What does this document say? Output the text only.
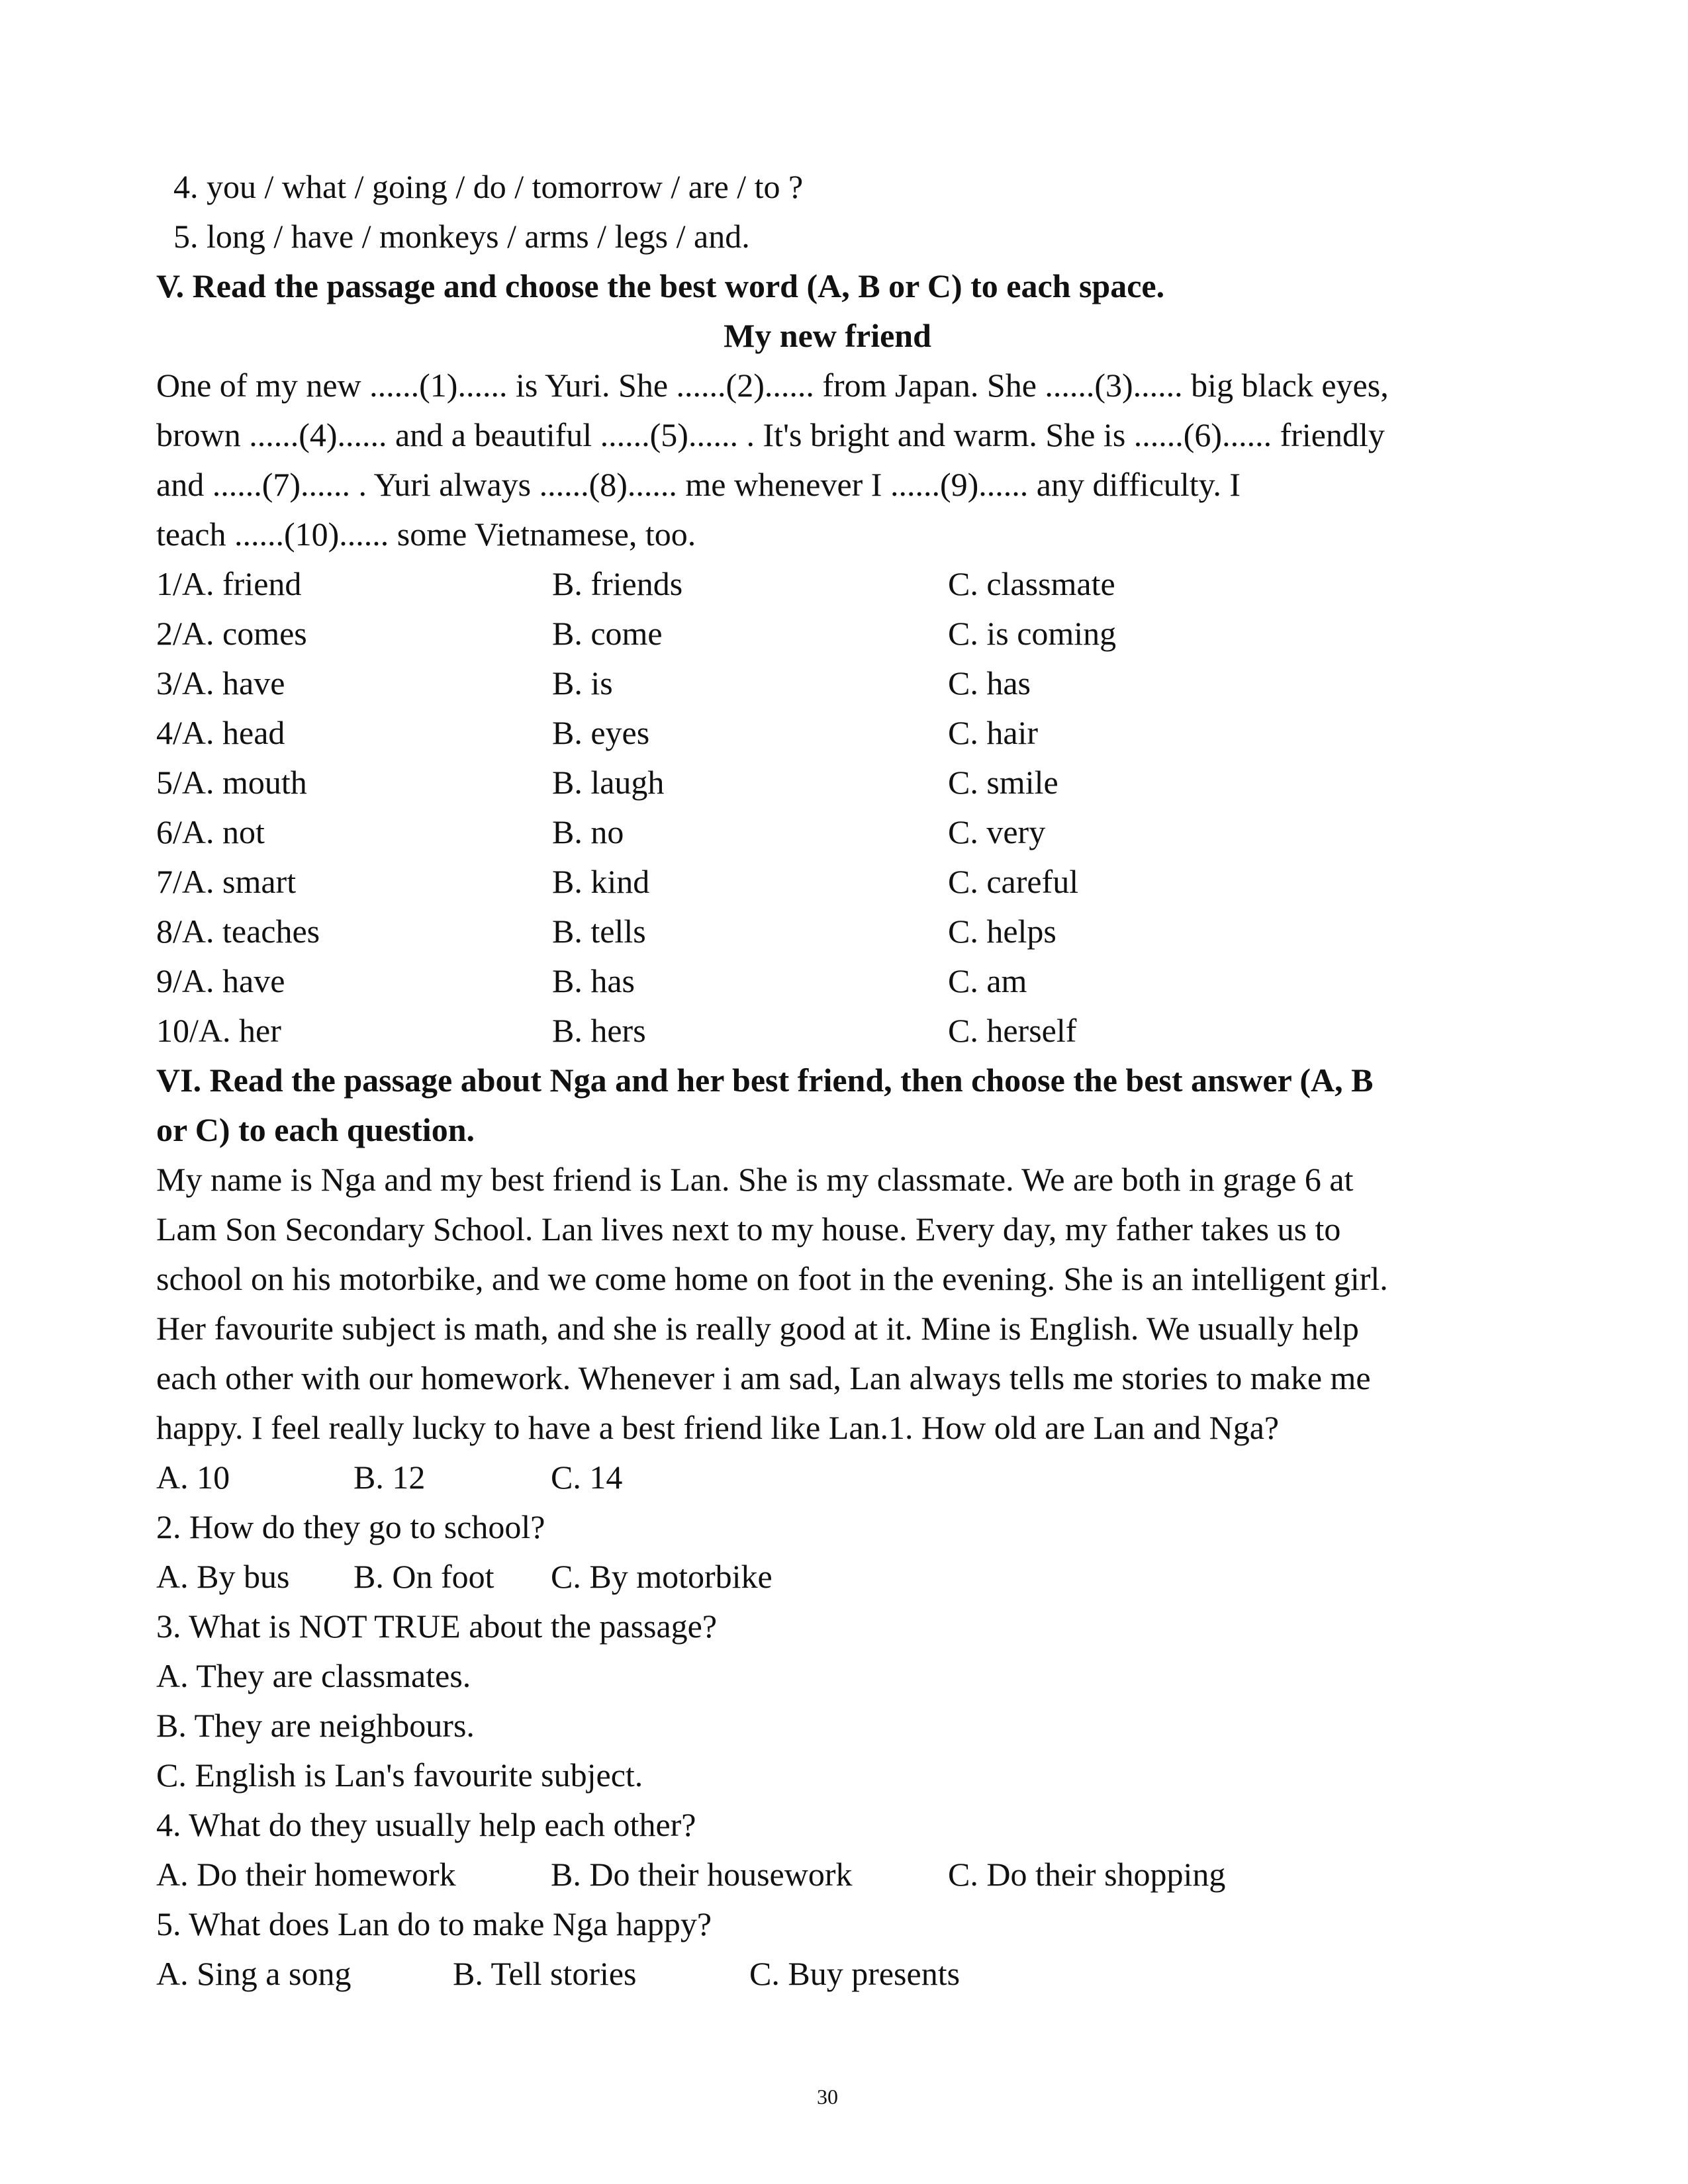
4. you / what / going / do / tomorrow / are / to ?
5. long / have / monkeys / arms / legs / and.
V. Read the passage and choose the best word (A, B or C) to each space.
My new friend
One of my new ......(1)...... is Yuri. She ......(2)...... from Japan. She ......(3)...... big black eyes,
brown ......(4)...... and a beautiful ......(5)...... . It's bright and warm. She is ......(6)...... friendly
and ......(7)...... . Yuri always ......(8)...... me whenever I ......(9)...... any difficulty. I
teach ......(10)...... some Vietnamese, too.
1/A. friend	B. friends	C. classmate
2/A. comes	B. come	C. is coming
3/A. have	B. is	C. has
4/A. head	B. eyes	C. hair
5/A. mouth	B. laugh	C. smile
6/A. not	B. no	C. very
7/A. smart	B. kind	C. careful
8/A. teaches	B. tells	C. helps
9/A. have	B. has	C. am
10/A. her	B. hers	C. herself
VI. Read the passage about Nga and her best friend, then choose the best answer (A, B
or C) to each question.
My name is Nga and my best friend is Lan. She is my classmate. We are both in grage 6 at
Lam Son Secondary School. Lan lives next to my house. Every day, my father takes us to
school on his motorbike, and we come home on foot in the evening. She is an intelligent girl.
Her favourite subject is math, and she is really good at it. Mine is English. We usually help
each other with our homework. Whenever i am sad, Lan always tells me stories to make me
happy. I feel really lucky to have a best friend like Lan.1. How old are Lan and Nga?
A. 10	B. 12	C. 14
2. How do they go to school?
A. By bus B. On foot C. By motorbike
3. What is NOT TRUE about the passage?
A. They are classmates.
B. They are neighbours.
C. English is Lan's favourite subject.
4. What do they usually help each other?
A. Do their homework	B. Do their housework	C. Do their shopping
5. What does Lan do to make Nga happy?
A. Sing a song	B. Tell stories	C. Buy presents
30
